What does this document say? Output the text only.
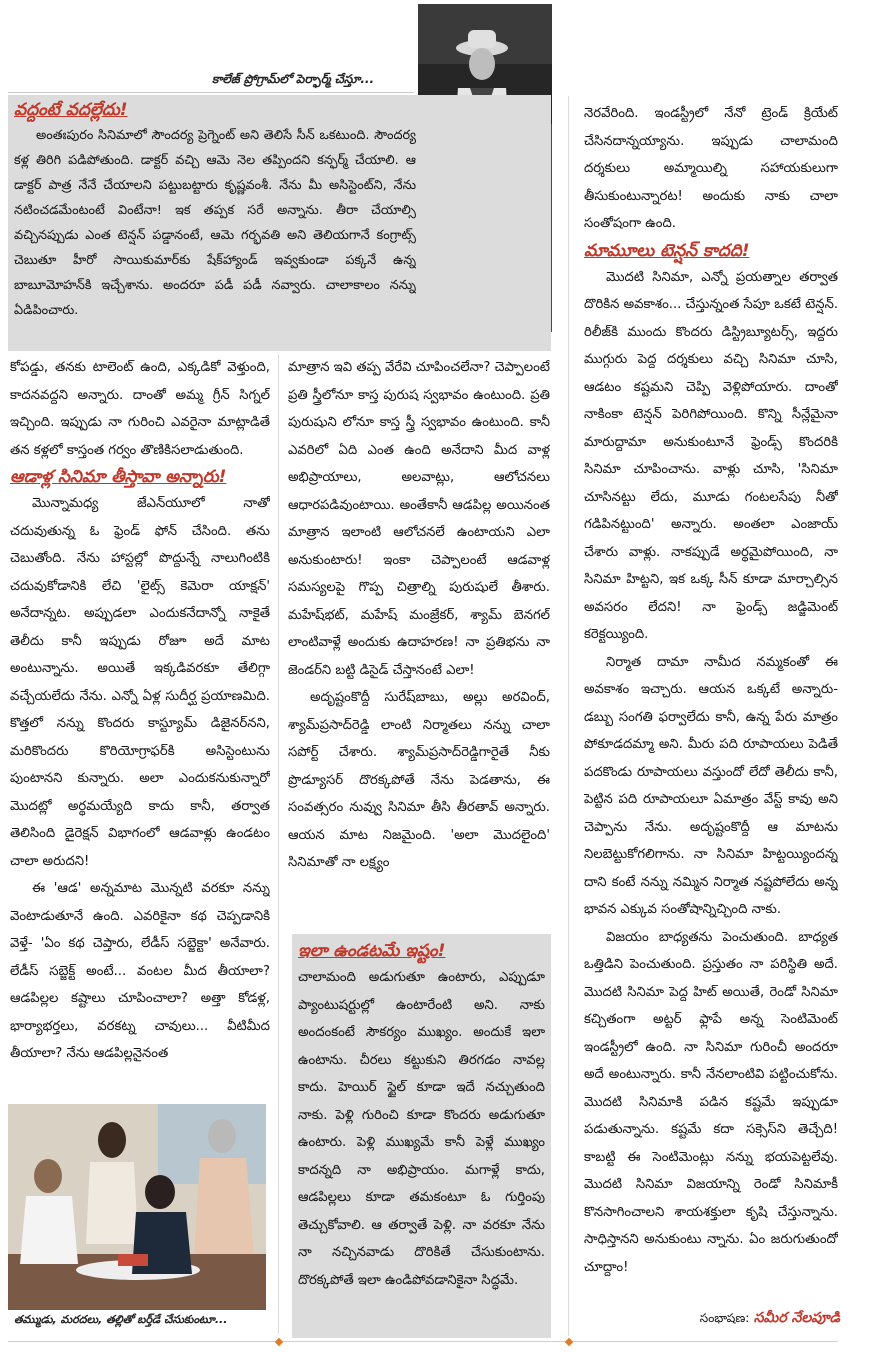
కాలేజ్ ప్రోగ్రామ్‌లో పెర్ఫార్మ్ చేస్తూ...
వద్దంటే వదల్లేదు!

అంతఃపురం సినిమాలో సౌందర్య ప్రెగ్నెంట్ అని తెలిసే సీన్ ఒకటుంది. సౌందర్య కళ్ల తిరిగి పడిపోతుంది. డాక్టర్ వచ్చి ఆమె నెల తప్పిందని కన్ఫర్మ్ చేయాలి. ఆ డాక్టర్ పాత్ర నేనే చేయాలని పట్టుబట్టారు కృష్ణవంశీ. నేను మీ అసిస్టెంట్‌ని, నేను నటించడమేంటంటే వింటేనా! ఇక తప్పక సరే అన్నాను. తీరా చేయాల్సి వచ్చినప్పుడు ఎంత టెన్షన్ పడ్డానంటే, ఆమె గర్భవతి అని తెలియగానే కంగ్రాట్స్ చెబుతూ హీరో సాయికుమార్‌కు షేక్‌హ్యాండ్ ఇవ్వకుండా పక్కనే ఉన్న బాబూమోహన్‌కి ఇచ్చేశాను. అందరూ పడీ పడీ నవ్వారు. చాలాకాలం నన్ను ఏడిపించారు.

కోపడ్డు, తనకు టాలెంట్ ఉంది, ఎక్కడికో వెళ్తుంది, కాదనవద్దని అన్నారు. దాంతో అమ్మ గ్రీన్ సిగ్నల్ ఇచ్చింది. ఇప్పుడు నా గురించి ఎవరైనా మాట్లాడితే తన కళ్లలో కాస్తంత గర్వం తొణికిసలాడుతుంది.

ఆడాళ్ల సినిమా తీస్తావా అన్నారు!

మొన్నామధ్య జేఎన్‌యూలో నాతో చదువుతున్న ఓ ఫ్రెండ్ ఫోన్ చేసింది. తను చెబుతోంది. నేను హాస్టల్లో పొద్దున్నే నాలుగింటికి చదువుకోడానికి లేచి 'లైట్స్ కెమెరా యాక్షన్' అనేదాన్నట. అప్పుడలా ఎందుకనేదాన్నో నాకైతే తెలీదు కానీ ఇప్పుడు రోజూ అదే మాట అంటున్నాను. అయితే ఇక్కడివరకూ తేలిగ్గా వచ్చేయలేదు నేను. ఎన్నో ఏళ్ల సుదీర్ఘ ప్రయాణమిది. కొత్తలో నన్ను కొందరు కాస్ట్యూమ్ డిజైనర్‌నని, మరికొందరు కొరియోగ్రాఫర్‌కి అసిస్టెంటును పుంటానని కున్నారు. అలా ఎందుకనుకున్నారో మొదట్లో అర్థమయ్యేది కాదు కానీ, తర్వాత తెలిసింది డైరెక్షన్ విభాగంలో ఆడవాళ్లు ఉండటం చాలా అరుదని!

ఈ 'ఆడ' అన్నమాట మొన్నటి వరకూ నన్ను వెంటాడుతూనే ఉంది. ఎవరికైనా కథ చెప్పడానికి వెళ్తే- 'ఏం కథ చెప్తారు, లేడీస్ సబ్జెక్టా' అనేవారు. లేడీస్ సబ్జెక్ట్ అంటే... వంటల మీద తీయాలా? ఆడపిల్లల కష్టాలు చూపించాలా? అత్తా కోడళ్ల, భార్యాభర్తలు, వరకట్న చావులు... వీటిమీద తీయాలా? నేను ఆడపిల్లనైనంత

తమ్ముడు, మరదలు, తల్లితో బర్త్‌డే చేసుకుంటూ...

మాత్రాన ఇవి తప్ప వేరేవి చూపించలేనా? చెప్పాలంటే ప్రతి స్త్రీలోనూ కాస్త పురుష స్వభావం ఉంటుంది. ప్రతి పురుషుని లోనూ కాస్త స్త్రీ స్వభావం ఉంటుంది. కానీ ఎవరిలో ఏది ఎంత ఉంది అనేదాని మీద వాళ్ల అభిప్రాయాలు, అలవాట్లు, ఆలోచనలు ఆధారపడివుంటాయి. అంతేకానీ ఆడపిల్ల అయినంత మాత్రాన ఇలాంటి ఆలోచనలే ఉంటాయని ఎలా అనుకుంటారు! ఇంకా చెప్పాలంటే ఆడవాళ్ల సమస్యలపై గొప్ప చిత్రాల్ని పురుషులే తీశారు. మహేష్‌భట్, మహేష్ మంజ్రేకర్, శ్యామ్ బెనగల్ లాంటివాళ్లే అందుకు ఉదాహరణ! నా ప్రతిభను నా జెండర్‌ని బట్టి డిసైడ్ చేస్తానంటే ఎలా!

అదృష్టంకొద్దీ సురేష్‌బాబు, అల్లు అరవింద్, శ్యామ్‌ప్రసాద్‌రెడ్డి లాంటి నిర్మాతలు నన్ను చాలా సపోర్ట్ చేశారు. శ్యామ్‌ప్రసాద్‌రెడ్డిగారైతే నీకు ప్రొడ్యూసర్ దొరక్కపోతే నేను పెడతాను, ఈ సంవత్సరం నువ్వు సినిమా తీసి తీరతావ్ అన్నారు. ఆయన మాట నిజమైంది. 'అలా మొదలైంది' సినిమాతో నా లక్ష్యం

ఇలా ఉండటమే ఇష్టం!

చాలామంది అడుగుతూ ఉంటారు, ఎప్పుడూ ప్యాంటుషర్టుల్లో ఉంటారేంటి అని. నాకు అందంకంటే సౌకర్యం ముఖ్యం. అందుకే ఇలా ఉంటాను. చీరలు కట్టుకుని తిరగడం నావల్ల కాదు. హెయిర్ స్టైల్ కూడా ఇదే నచ్చుతుంది నాకు. పెళ్లి గురించి కూడా కొందరు అడుగుతూ ఉంటారు. పెళ్లి ముఖ్యమే కానీ పెళ్లే ముఖ్యం కాదన్నది నా అభిప్రాయం. మగాళ్లే కాదు, ఆడపిల్లలు కూడా తమకంటూ ఓ గుర్తింపు తెచ్చుకోవాలి. ఆ తర్వాతే పెళ్లి. నా వరకూ నేను నా నచ్చినవాడు దొరికితే చేసుకుంటాను. దొరక్కపోతే ఇలా ఉండిపోవడానికైనా సిద్ధమే.

నెరవేరింది. ఇండస్ట్రీలో నేనో ట్రెండ్ క్రియేట్ చేసినదాన్నయ్యాను. ఇప్పుడు చాలామంది దర్శకులు అమ్మాయిల్ని సహాయకులుగా తీసుకుంటున్నారట! అందుకు నాకు చాలా సంతోషంగా ఉంది.

మామూలు టెన్షన్ కాదది!

మొదటి సినిమా, ఎన్నో ప్రయత్నాల తర్వాత దొరికిన అవకాశం... చేస్తున్నంత సేపూ ఒకటే టెన్షన్. రిలీజ్‌కి ముందు కొందరు డిస్ట్రిబ్యూటర్స్, ఇద్దరు ముగ్గురు పెద్ద దర్శకులు వచ్చి సినిమా చూసి, ఆడటం కష్టమని చెప్పి వెళ్లిపోయారు. దాంతో నాకింకా టెన్షన్ పెరిగిపోయింది. కొన్ని సీన్లేమైనా మారుద్దామా అనుకుంటూనే ఫ్రెండ్స్ కొందరికి సినిమా చూపించాను. వాళ్లు చూసి, 'సినిమా చూసినట్టు లేదు, మూడు గంటలసేపు నీతో గడిపినట్టుంది' అన్నారు. అంతలా ఎంజాయ్ చేశారు వాళ్లు. నాకప్పుడే అర్థమైపోయింది, నా సినిమా హిట్టని, ఇక ఒక్క సీన్ కూడా మార్చాల్సిన అవసరం లేదని! నా ఫ్రెండ్స్ జడ్జిమెంట్ కరెక్టయ్యింది.

నిర్మాత దామా నామీద నమ్మకంతో ఈ అవకాశం ఇచ్చారు. ఆయన ఒక్కటే అన్నారు- డబ్బు సంగతి ఫర్వాలేదు కానీ, ఉన్న పేరు మాత్రం పోకూడదమ్మా అని. మీరు పది రూపాయలు పెడితే పదకొండు రూపాయలు వస్తుందో లేదో తెలీదు కానీ, పెట్టిన పది రూపాయలూ ఏమాత్రం వేస్ట్ కావు అని చెప్పాను నేను. అదృష్టంకొద్దీ ఆ మాటను నిలబెట్టుకోగలిగాను. నా సినిమా హిట్టయ్యిందన్న దాని కంటే నన్ను నమ్మిన నిర్మాత నష్టపోలేదు అన్న భావన ఎక్కువ సంతోషాన్నిచ్చింది నాకు.

విజయం బాధ్యతను పెంచుతుంది. బాధ్యత ఒత్తిడిని పెంచుతుంది. ప్రస్తుతం నా పరిస్థితి అదే. మొదటి సినిమా పెద్ద హిట్ అయితే, రెండో సినిమా కచ్చితంగా అట్టర్ ఫ్లాపే అన్న సెంటిమెంట్ ఇండస్ట్రీలో ఉంది. నా సినిమా గురించీ అందరూ అదే అంటున్నారు. కానీ నేనలాంటివి పట్టించుకోను. మొదటి సినిమాకి పడిన కష్టమే ఇప్పుడూ పడుతున్నాను. కష్టమే కదా సక్సెస్‌ని తెచ్చేది! కాబట్టి ఈ సెంటిమెంట్లు నన్ను భయపెట్టలేవు. మొదటి సినిమా విజయాన్ని రెండో సినిమాకీ కొనసాగించాలని శాయశక్తులా కృషి చేస్తున్నాను. సాధిస్తానని అనుకుంటు న్నాను. ఏం జరుగుతుందో చూద్దాం!

సంభాషణ: సమీర నేలపూడి
